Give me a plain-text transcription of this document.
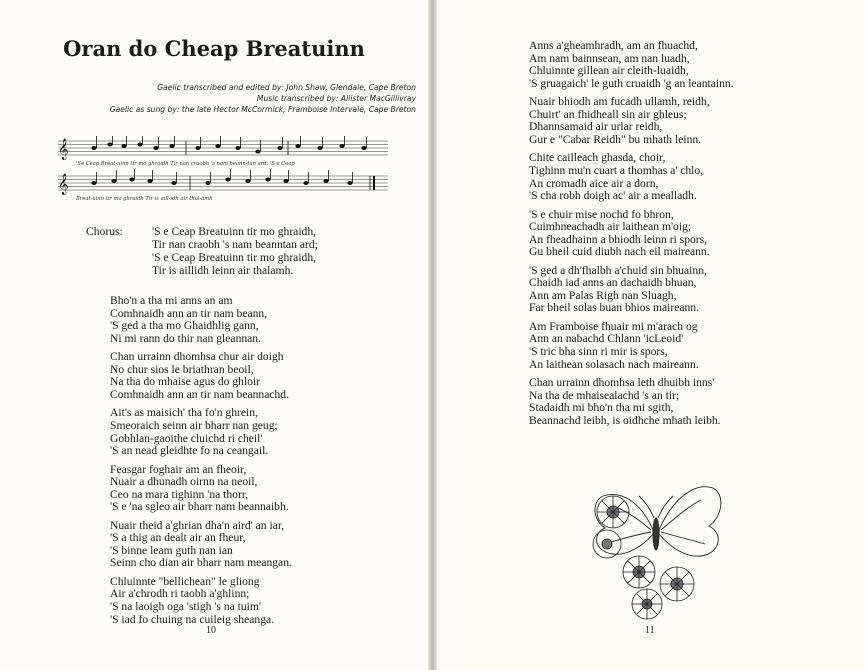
Oran do Cheap Breatuinn
Gaelic transcribed and edited by: John Shaw, Glendale, Cape Breton
Music transcribed by: Allister MacGillivray
Gaelic as sung by: the late Hector McCormick, Framboise Intervale, Cape Breton
𝄞
𝄞
'Se Ceap Breat-uinn tir mo ghraidh Tir nan craobh 's nam beann-tan ard; 'S e Ceap
Breat-uinn tir mo ghraidh Tir is aill-idh air thal-amh
Chorus:	'S e Ceap Breatuinn tir mo ghraidh,
Tir nan craobh 's nam beanntan ard;
'S e Ceap Breatuinn tir mo ghraidh,
Tir is aillidh leinn air thalamh.
Bho'n a tha mi anns an am
Comhnaidh ann an tir nam beann,
'S ged a tha mo Ghaidhlig gann,
Ni mi rann do thir nan gleannan.
Chan urrainn dhomhsa chur air doigh
No chur sios le briathran beoil,
Na tha do mhaise agus do ghloir
Comhnaidh ann an tir nam beannachd.
Ait's as maisich' tha fo'n ghrein,
Smeoraich seinn air bharr nan geug;
Gobhlan-gaoithe cluichd ri cheil'
'S an nead gleidhte fo na ceangail.
Feasgar foghair am an fheoir,
Nuair a dhunadh oirnn na neoil,
Ceo na mara tighinn 'na thorr,
'S e 'na sgleo air bharr nam beannaibh.
Nuair theid a'ghrian dha'n aird' an iar,
'S a thig an dealt air an fheur,
'S binne leam guth nan ian
Seinn cho dian air bharr nam meangan.
Chluinnte "bellichean" le gliong
Air a'chrodh ri taobh a'ghlinn;
'S na laoigh oga 'stigh 's na tuim'
'S iad fo chuing na cuileig sheanga.
10
Anns a'gheamhradh, am an fhuachd,
Am nam bainnsean, am nan luadh,
Chluinnte gillean air cleith-luaidh,
'S gruagaich' le guth cruaidh 'g an leantainn.
Nuair bhiodh am fucadh ullamh, reidh,
Chuirt' an fhidheall sin air ghleus;
Dhannsamaid air urlar reidh,
Gur e "Cabar Reidh" bu mhath leinn.
Chite cailleach ghasda, choir,
Tighinn mu'n cuart a thomhas a' chlo,
An cromadh aice air a dorn,
'S cha robh doigh ac' air a mealladh.
'S e chuir mise nochd fo bhron,
Cuimhneachadh air laithean m'oig;
An fheadhainn a bhiodh leinn ri spors,
Gu bheil cuid diubh nach eil maireann.
'S ged a dh'fhalbh a'chuid sin bhuainn,
Chaidh iad anns an dachaidh bhuan,
Ann am Palas Righ nan Sluagh,
Far bheil solas buan bhios maireann.
Am Framboise fhuair mi m'arach og
Ann an nabachd Chlann 'icLeoid'
'S tric bha sinn ri mir is spors,
An laithean solasach nach maireann.
Chan urrainn dhomhsa leth dhuibh inns'
Na tha de mhaisealachd 's an tir;
Stadaidh mi bho'n tha mi sgith,
Beannachd leibh, is oidhche mhath leibh.
11
